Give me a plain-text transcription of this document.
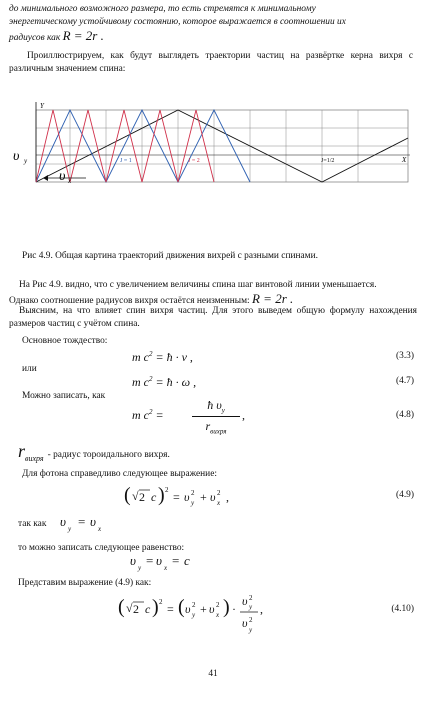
до минимального возможного размера, то есть стремятся к минимальному
энергетическому устойчивому состоянию, которое выражается в соотношении их
радиусов как R = 2r .
Проиллюстрируем, как будут выглядеть траектории частиц на развёртке керна вихря с различным значением спина:
Y
X
J = 1	J = 2	J=1/2
υ y
υ x
Рис 4.9. Общая картина траекторий движения вихрей с разными спинами.
На Рис 4.9. видно, что с увеличением величины спина шаг винтовой линии уменьшается.
Однако соотношение радиусов вихря остаётся неизменным: R = 2r .
Выясним, на что влияет спин вихря частиц. Для этого выведем общую формулу нахождения размеров частиц с учётом спина.
Основное тождество:
m $c^2$ = ħ · ν ,	(3.3)
или
m $c^2$ = ħ · ω ,	(4.7)
Можно записать, как
m $c^2$ =
ħ $\upsilon_y$
$r_{вихря}$
,	(4.8)
$r_{вихря}$ - радиус тороидального вихря.
Для фотона справедливо следующее выражение:
( √ 2 c ) 2 = υ 2
y + υ 2
x ,	(4.9)
так как υ y = υ x
то можно записать следующее равенство:
υ y = υ x = c
Представим выражение (4.9) как:
( √ 2 c ) 2 = ( υ 2
y + υ 2
x ) ·
υ 2
y
υ 2
y
,	(4.10)
41
